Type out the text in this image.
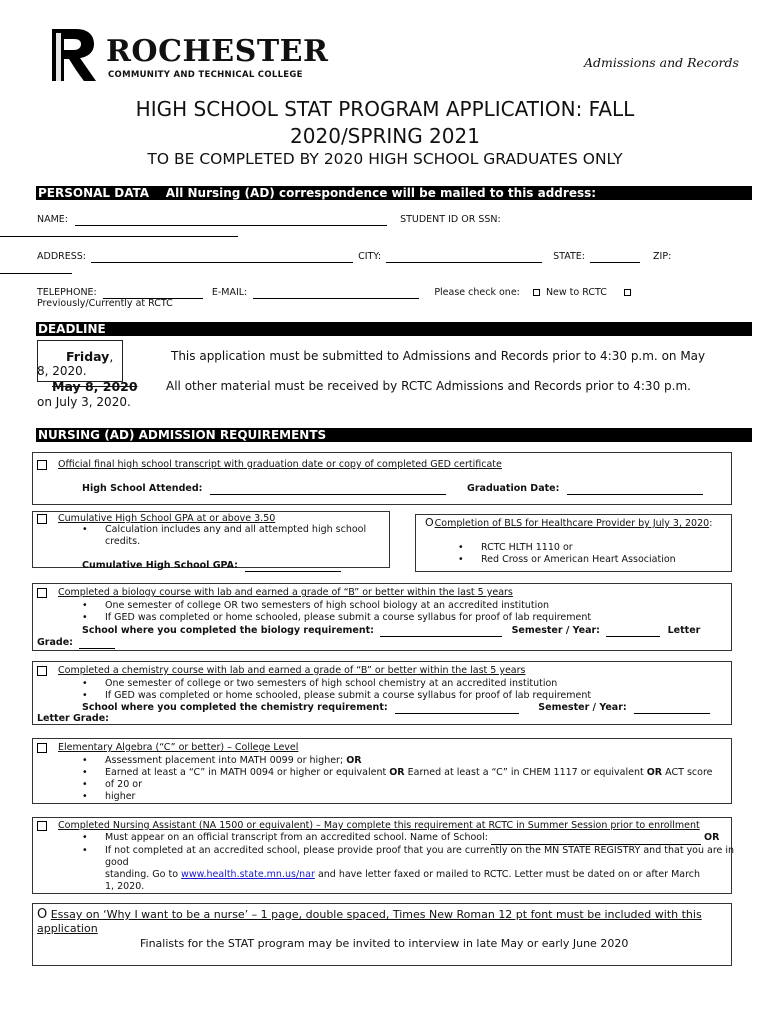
ROCHESTER
COMMUNITY AND TECHNICAL COLLEGE
Admissions and Records
HIGH SCHOOL STAT PROGRAM APPLICATION: FALL
2020/SPRING 2021
TO BE COMPLETED BY 2020 HIGH SCHOOL GRADUATES ONLY
PERSONAL DATA    All Nursing (AD) correspondence will be mailed to this address:
NAME:	STUDENT ID OR SSN:
ADDRESS:	CITY:	STATE:	ZIP:
TELEPHONE:	E-MAIL:	Please check one:	New to RCTC
Previously/Currently at RCTC
DEADLINE
Friday,	This application must be submitted to Admissions and Records prior to 4:30 p.m. on May
8, 2020.
May 8, 2020 All other material must be received by RCTC Admissions and Records prior to 4:30 p.m.
on July 3, 2020.
NURSING (AD) ADMISSION REQUIREMENTS
Official final high school transcript with graduation date or copy of completed GED certificate
High School Attended:	Graduation Date:
Cumulative High School GPA at or above 3.50
• Calculation includes any and all attempted high school credits.
Cumulative High School GPA:
OCompletion of BLS for Healthcare Provider by July 3, 2020:
• RCTC HLTH 1110 or
• Red Cross or American Heart Association
Completed a biology course with lab and earned a grade of “B” or better within the last 5 years
• One semester of college OR two semesters of high school biology at an accredited institution
• If GED was completed or home schooled, please submit a course syllabus for proof of lab requirement
School where you completed the biology requirement:	Semester / Year:	Letter
Grade:
Completed a chemistry course with lab and earned a grade of “B” or better within the last 5 years
• One semester of college or two semesters of high school chemistry at an accredited institution
• If GED was completed or home schooled, please submit a course syllabus for proof of lab requirement
School where you completed the chemistry requirement:	Semester / Year:
Letter Grade:
Elementary Algebra (“C” or better) – College Level
• Assessment placement into MATH 0099 or higher; OR
• Earned at least a “C” in MATH 0094 or higher or equivalent OR Earned at least a “C” in CHEM 1117 or equivalent OR ACT score
• of 20 or
• higher
Completed Nursing Assistant (NA 1500 or equivalent) – May complete this requirement at RCTC in Summer Session prior to enrollment
• Must appear on an official transcript from an accredited school. Name of School:	OR
• If not completed at an accredited school, please provide proof that you are currently on the MN STATE REGISTRY and that you are in good
standing. Go to www.health.state.mn.us/nar and have letter faxed or mailed to RCTC. Letter must be dated on or after March
1, 2020.
O Essay on ‘Why I want to be a nurse’ – 1 page, double spaced, Times New Roman 12 pt font must be included with this
application
Finalists for the STAT program may be invited to interview in late May or early June 2020
